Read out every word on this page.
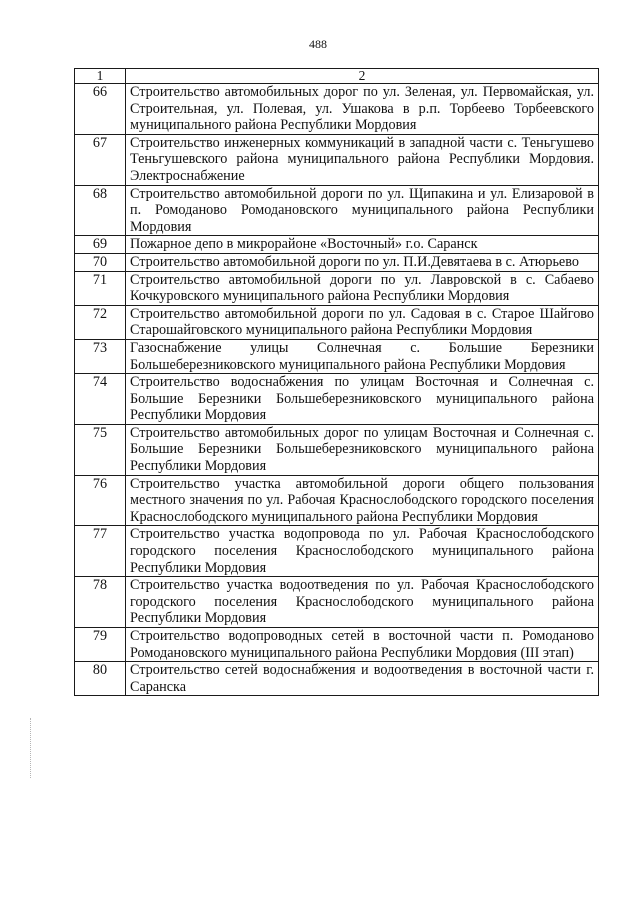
488
1	2
66	Строительство автомобильных дорог по ул. Зеленая, ул. Первомайская, ул. Строительная, ул. Полевая, ул. Ушакова в р.п. Торбеево Торбеевского муниципального района Республики Мордовия
67	Строительство инженерных коммуникаций в западной части с. Теньгушево Теньгушевского района муниципального района Республики Мордовия. Электроснабжение
68	Строительство автомобильной дороги по ул. Щипакина и ул. Елизаровой в п. Ромоданово Ромодановского муниципального района Республики Мордовия
69	Пожарное депо в микрорайоне «Восточный» г.о. Саранск
70	Строительство автомобильной дороги по ул. П.И.Девятаева в с. Атюрьево
71	Строительство автомобильной дороги по ул. Лавровской в с. Сабаево Кочкуровского муниципального района Республики Мордовия
72	Строительство автомобильной дороги по ул. Садовая в с. Старое Шайгово Старошайговского муниципального района Республики Мордовия
73	Газоснабжение улицы Солнечная с. Большие Березники Большеберезниковского муниципального района Республики Мордовия
74	Строительство водоснабжения по улицам Восточная и Солнечная с. Большие Березники Большеберезниковского муниципального района Республики Мордовия
75	Строительство автомобильных дорог по улицам Восточная и Солнечная с. Большие Березники Большеберезниковского муниципального района Республики Мордовия
76	Строительство участка автомобильной дороги общего пользования местного значения по ул. Рабочая Краснослободского городского поселения Краснослободского муниципального района Республики Мордовия
77	Строительство участка водопровода по ул. Рабочая Краснослободского городского поселения Краснослободского муниципального района Республики Мордовия
78	Строительство участка водоотведения по ул. Рабочая Краснослободского городского поселения Краснослободского муниципального района Республики Мордовия
79	Строительство водопроводных сетей в восточной части п. Ромоданово Ромодановского муниципального района Республики Мордовия (III этап)
80	Строительство сетей водоснабжения и водоотведения в восточной части г. Саранска
